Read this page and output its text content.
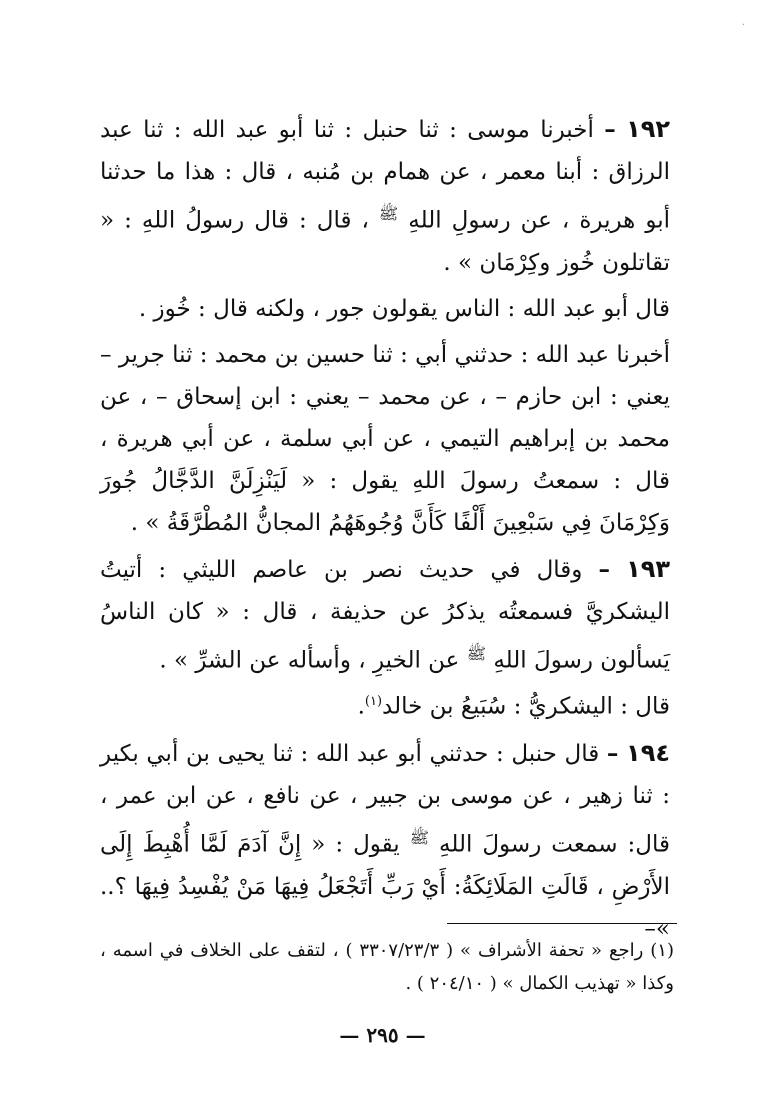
·

١٩٢ – أخبرنا موسى : ثنا حنبل : ثنا أبو عبد الله : ثنا عبد الرزاق : أبنا معمر ، عن همام بن مُنبه ، قال : هذا ما حدثنا أبو هريرة ، عن رسولِ اللهِ $^ﷺ$ ، قال : قال رسولُ اللهِ : « تقاتلون خُوز وكِرْمَان » .

قال أبو عبد الله : الناس يقولون جور ، ولكنه قال : خُوز .

أخبرنا عبد الله : حدثني أبي : ثنا حسين بن محمد : ثنا جرير – يعني : ابن حازم – ، عن محمد – يعني : ابن إسحاق – ، عن محمد بن إبراهيم التيمي ، عن أبي سلمة ، عن أبي هريرة ، قال : سمعتُ رسولَ اللهِ يقول : « لَيَنْزِلَنَّ الدَّجَّالُ جُورَ وَكِرْمَانَ فِي سَبْعِينَ أَلْفًا كَأَنَّ وُجُوهَهُمُ المجانُّ المُطْرَّقَةُ » .

١٩٣ – وقال في حديث نصر بن عاصم الليثي : أتيتُ اليشكريَّ فسمعتُه يذكرُ عن حذيفة ، قال : « كان الناسُ يَسألون رسولَ اللهِ $^ﷺ$ عن الخيرِ ، وأسأله عن الشرِّ » .

قال : اليشكريُّ : سُبَيعُ بن خالد$^{(١)}$.

١٩٤ – قال حنبل : حدثني أبو عبد الله : ثنا يحيى بن أبي بكير : ثنا زهير ، عن موسى بن جبير ، عن نافع ، عن ابن عمر ، قال: سمعت رسولَ اللهِ $^ﷺ$ يقول : « إِنَّ آدَمَ لَمَّا أُهْبِطَ إِلَى الأَرْضِ ، قَالَتِ المَلَائِكَةُ: أَيْ رَبِّ أَتَجْعَلُ فِيهَا مَنْ يُفْسِدُ فِيهَا ؟.. »–

(١) راجع « تحفة الأشراف » ( ٣٣٠٧/٢٣/٣ ) ، لتقف على الخلاف في اسمه ، وكذا « تهذيب الكمال » ( ٢٠٤/١٠ ) .

— ٢٩٥ —
